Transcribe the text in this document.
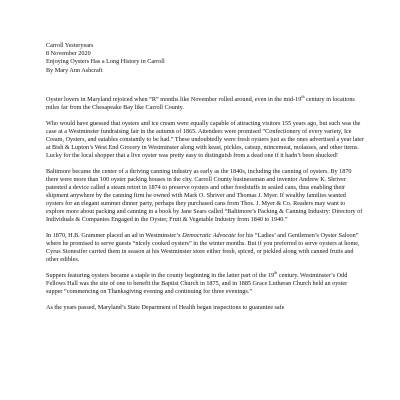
Carroll Yesteryears
8 November 2020
Enjoying Oysters Has a Long History in Carroll
By Mary Ann Ashcraft

Oyster lovers in Maryland rejoiced when “R” months like November rolled around, even in the mid-19th century in locations miles far from the Chesapeake Bay like Carroll County.

Who would have guessed that oysters and ice cream were equally capable of attracting visitors 155 years ago, but such was the case at a Westminster fundraising fair in the autumn of 1865. Attendees were promised “Confectionery of every variety, Ice Cream, Oysters, and eatables constantly to be had.” These undoubtedly were fresh oysters just as the ones advertised a year later at Bish & Lupton’s West End Grocery in Westminster along with keast, pickles, catsup, mincemeat, molasses, and other items. Lucky for the local shopper that a live oyster was pretty easy to distinguish from a dead one if it hadn’t been shucked!

Baltimore became the center of a thriving canning industry as early as the 1840s, including the canning of oysters. By 1870 there were more than 100 oyster packing houses in the city. Carroll County businessman and inventor Andrew K. Shriver patented a device called a steam retort in 1874 to preserve oysters and other foodstuffs in sealed cans, thus enabling their shipment anywhere by the canning firm he owned with Mark O. Shriver and Thomas J. Myer. If wealthy families wanted oysters for an elegant summer dinner party, perhaps they purchased cans from Thos. J. Myer & Co. Readers may want to explore more about packing and canning in a book by Jane Sears called “Baltimore’s Packing & Canning Industry: Directory of Individuals & Companies Engaged in the Oyster, Fruit & Vegetable Industry from 1840 to 1940.”

In 1870, H.B. Grammer placed an ad in Westminster’s Democratic Advocate for his “Ladies’ and Gentlemen’s Oyster Saloon” where he promised to serve guests “nicely cooked oysters” in the winter months. But if you preferred to serve oysters at home, Cyrus Stonesifer carried them in season at his Westminster store either fresh, spiced, or pickled along with canned fruits and other edibles.

Suppers featuring oysters became a staple in the county beginning in the latter part of the 19th century. Westminster’s Odd Fellows Hall was the site of one to benefit the Baptist Church in 1875, and in 1885 Grace Lutheran Church held an oyster supper “commencing on Thanksgiving evening and continuing for three evenings.”

As the years passed, Maryland’s State Department of Health began inspections to guarantee safe
